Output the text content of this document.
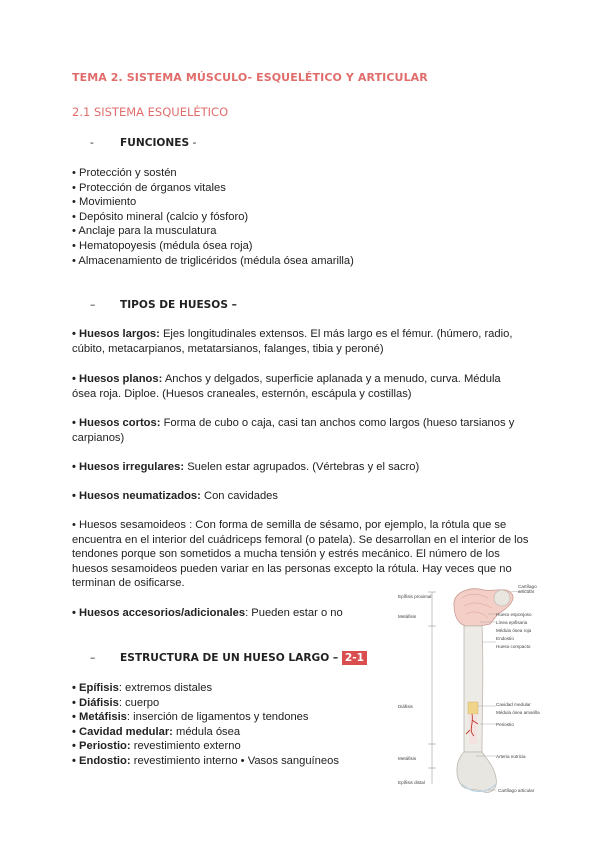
TEMA 2. SISTEMA MÚSCULO- ESQUELÉTICO Y ARTICULAR
2.1 SISTEMA ESQUELÉTICO
- FUNCIONES -
• Protección y sostén
• Protección de órganos vitales
• Movimiento
• Depósito mineral (calcio y fósforo)
• Anclaje para la musculatura
• Hematopoyesis (médula ósea roja)
• Almacenamiento de triglicéridos (médula ósea amarilla)
– TIPOS DE HUESOS –
• Huesos largos: Ejes longitudinales extensos. El más largo es el fémur. (húmero, radio,
cúbito, metacarpianos, metatarsianos, falanges, tibia y peroné)
• Huesos planos: Anchos y delgados, superficie aplanada y a menudo, curva. Médula
ósea roja. Diploe. (Huesos craneales, esternón, escápula y costillas)
• Huesos cortos: Forma de cubo o caja, casi tan anchos como largos (hueso tarsianos y
carpianos)
• Huesos irregulares: Suelen estar agrupados. (Vértebras y el sacro)
• Huesos neumatizados: Con cavidades
• Huesos sesamoideos : Con forma de semilla de sésamo, por ejemplo, la rótula que se
encuentra en el interior del cuádriceps femoral (o patela). Se desarrollan en el interior de los
tendones porque son sometidos a mucha tensión y estrés mecánico. El número de los
huesos sesamoideos pueden variar en las personas excepto la rótula. Hay veces que no
terminan de osificarse.
• Huesos accesorios/adicionales: Pueden estar o no
– ESTRUCTURA DE UN HUESO LARGO – 2-1
• Epífisis: extremos distales
• Diáfisis: cuerpo
• Metáfisis: inserción de ligamentos y tendones
• Cavidad medular: médula ósea
• Periostio: revestimiento externo
• Endostio: revestimiento interno • Vasos sanguíneos
Epífisis proximal
Metáfisis
Diáfisis
Metáfisis
Epífisis distal
Cartílago articular
Hueso esponjoso
Línea epifisaria
Médula ósea roja
Endostio
Hueso compacto
Cavidad medular
Médula ósea amarilla
Periostio
Arteria nutricia
Cartílago articular
